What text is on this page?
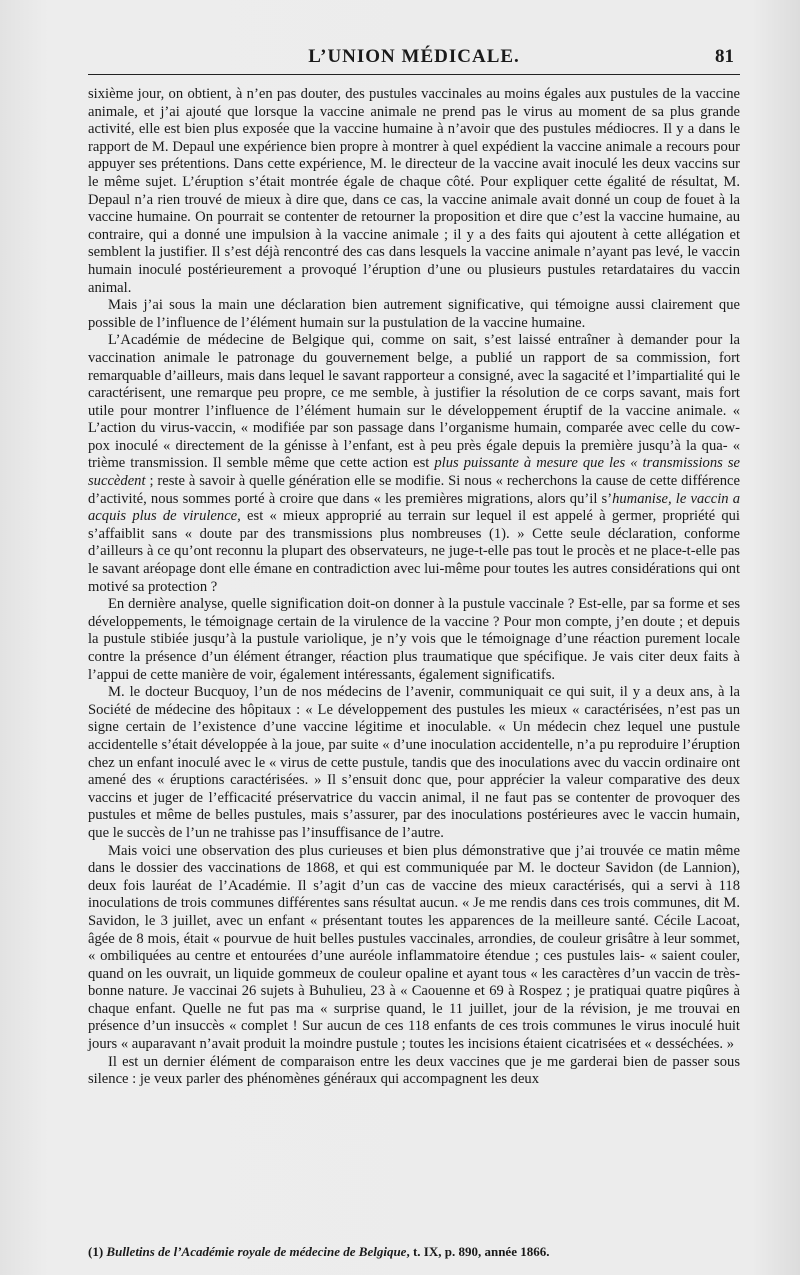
L’UNION MÉDICALE.	81

sixième jour, on obtient, à n’en pas douter, des pustules vaccinales au moins égales aux pustules de la vaccine animale, et j’ai ajouté que lorsque la vaccine animale ne prend pas le virus au moment de sa plus grande activité, elle est bien plus exposée que la vaccine humaine à n’avoir que des pustules médiocres. Il y a dans le rapport de M. Depaul une expérience bien propre à montrer à quel expédient la vaccine animale a recours pour appuyer ses prétentions. Dans cette expérience, M. le directeur de la vaccine avait inoculé les deux vaccins sur le même sujet. L’éruption s’était montrée égale de chaque côté. Pour expliquer cette égalité de résultat, M. Depaul n’a rien trouvé de mieux à dire que, dans ce cas, la vaccine animale avait donné un coup de fouet à la vaccine humaine. On pourrait se contenter de retourner la proposition et dire que c’est la vaccine humaine, au contraire, qui a donné une impulsion à la vaccine animale ; il y a des faits qui ajoutent à cette allégation et semblent la justifier. Il s’est déjà rencontré des cas dans lesquels la vaccine animale n’ayant pas levé, le vaccin humain inoculé postérieurement a provoqué l’éruption d’une ou plusieurs pustules retardataires du vaccin animal.

Mais j’ai sous la main une déclaration bien autrement significative, qui témoigne aussi clairement que possible de l’influence de l’élément humain sur la pustulation de la vaccine humaine.

L’Académie de médecine de Belgique qui, comme on sait, s’est laissé entraîner à demander pour la vaccination animale le patronage du gouvernement belge, a publié un rapport de sa commission, fort remarquable d’ailleurs, mais dans lequel le savant rapporteur a consigné, avec la sagacité et l’impartialité qui le caractérisent, une remarque peu propre, ce me semble, à justifier la résolution de ce corps savant, mais fort utile pour montrer l’influence de l’élément humain sur le développement éruptif de la vaccine animale. « L’action du virus-vaccin, « modifiée par son passage dans l’organisme humain, comparée avec celle du cow-pox inoculé « directement de la génisse à l’enfant, est à peu près égale depuis la première jusqu’à la qua- « trième transmission. Il semble même que cette action est plus puissante à mesure que les « transmissions se succèdent ; reste à savoir à quelle génération elle se modifie. Si nous « recherchons la cause de cette différence d’activité, nous sommes porté à croire que dans « les premières migrations, alors qu’il s’humanise, le vaccin a acquis plus de virulence, est « mieux approprié au terrain sur lequel il est appelé à germer, propriété qui s’affaiblit sans « doute par des transmissions plus nombreuses (1). » Cette seule déclaration, conforme d’ailleurs à ce qu’ont reconnu la plupart des observateurs, ne juge-t-elle pas tout le procès et ne place-t-elle pas le savant aréopage dont elle émane en contradiction avec lui-même pour toutes les autres considérations qui ont motivé sa protection ?

En dernière analyse, quelle signification doit-on donner à la pustule vaccinale ? Est-elle, par sa forme et ses développements, le témoignage certain de la virulence de la vaccine ? Pour mon compte, j’en doute ; et depuis la pustule stibiée jusqu’à la pustule variolique, je n’y vois que le témoignage d’une réaction purement locale contre la présence d’un élément étranger, réaction plus traumatique que spécifique. Je vais citer deux faits à l’appui de cette manière de voir, également intéressants, également significatifs.

M. le docteur Bucquoy, l’un de nos médecins de l’avenir, communiquait ce qui suit, il y a deux ans, à la Société de médecine des hôpitaux : « Le développement des pustules les mieux « caractérisées, n’est pas un signe certain de l’existence d’une vaccine légitime et inoculable. « Un médecin chez lequel une pustule accidentelle s’était développée à la joue, par suite « d’une inoculation accidentelle, n’a pu reproduire l’éruption chez un enfant inoculé avec le « virus de cette pustule, tandis que des inoculations avec du vaccin ordinaire ont amené des « éruptions caractérisées. » Il s’ensuit donc que, pour apprécier la valeur comparative des deux vaccins et juger de l’efficacité préservatrice du vaccin animal, il ne faut pas se contenter de provoquer des pustules et même de belles pustules, mais s’assurer, par des inoculations postérieures avec le vaccin humain, que le succès de l’un ne trahisse pas l’insuffisance de l’autre.

Mais voici une observation des plus curieuses et bien plus démonstrative que j’ai trouvée ce matin même dans le dossier des vaccinations de 1868, et qui est communiquée par M. le docteur Savidon (de Lannion), deux fois lauréat de l’Académie. Il s’agit d’un cas de vaccine des mieux caractérisés, qui a servi à 118 inoculations de trois communes différentes sans résultat aucun. « Je me rendis dans ces trois communes, dit M. Savidon, le 3 juillet, avec un enfant « présentant toutes les apparences de la meilleure santé. Cécile Lacoat, âgée de 8 mois, était « pourvue de huit belles pustules vaccinales, arrondies, de couleur grisâtre à leur sommet, « ombiliquées au centre et entourées d’une auréole inflammatoire étendue ; ces pustules lais- « saient couler, quand on les ouvrait, un liquide gommeux de couleur opaline et ayant tous « les caractères d’un vaccin de très-bonne nature. Je vaccinai 26 sujets à Buhulieu, 23 à « Caouenne et 69 à Rospez ; je pratiquai quatre piqûres à chaque enfant. Quelle ne fut pas ma « surprise quand, le 11 juillet, jour de la révision, je me trouvai en présence d’un insuccès « complet ! Sur aucun de ces 118 enfants de ces trois communes le virus inoculé huit jours « auparavant n’avait produit la moindre pustule ; toutes les incisions étaient cicatrisées et « desséchées. »

Il est un dernier élément de comparaison entre les deux vaccines que je me garderai bien de passer sous silence : je veux parler des phénomènes généraux qui accompagnent les deux

(1) Bulletins de l’Académie royale de médecine de Belgique, t. IX, p. 890, année 1866.
